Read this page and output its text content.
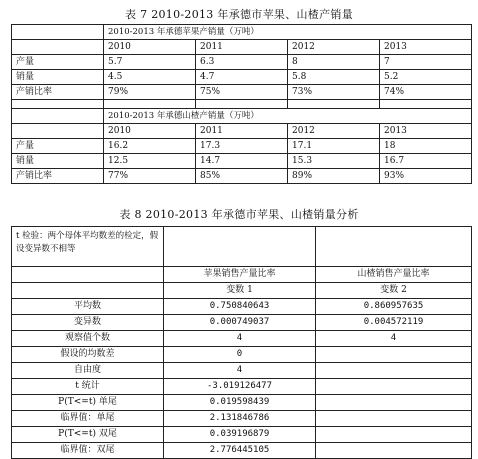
表 7 2010-2013 年承德市苹果、山楂产销量
	2010-2013 年承德苹果产销量（万吨）			
	2010	2011	2012	2013
产量	5.7	6.3	8	7
销量	4.5	4.7	5.8	5.2
产销比率	79%	75%	73%	74%

	2010-2013 年承德山楂产销量（万吨）			
	2010	2011	2012	2013
产量	16.2	17.3	17.1	18
销量	12.5	14.7	15.3	16.7
产销比率	77%	85%	89%	93%
表 8 2010-2013 年承德市苹果、山楂销量分析
t 检验：两个母体平均数差的检定，假设变异数不相等		
	苹果销售产量比率	山楂销售产量比率
	变数 1	变数 2
平均数	0.750840643	0.860957635
变异数	0.000749037	0.004572119
观察值个数	4	4
假设的均数差	0	
自由度	4	
t 统计	-3.019126477	
P(T<=t) 单尾	0.019598439	
临界值：单尾	2.131846786	
P(T<=t) 双尾	0.039196879	
临界值：双尾	2.776445105	
